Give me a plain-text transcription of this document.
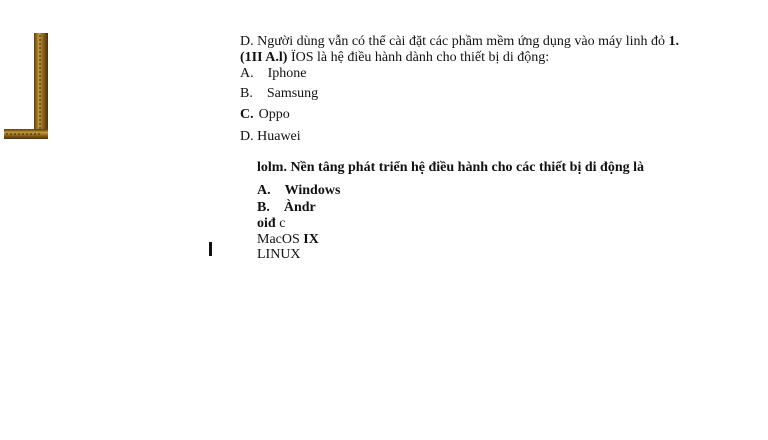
D. Người dùng vẫn có thể cài đặt các phầm mềm ứng dụng vào máy linh đỏ 1.
(1II A.l) ÏOS là hệ điều hành dành cho thiết bị di động:
A. Iphone
B. Samsung
C. Oppo
D. Huawei
lolm. Nền tâng phát triển hệ điều hành cho các thiết bị di động là
A. Windows
B. Àndr
oiđ c
MacOS IX
LINUX
